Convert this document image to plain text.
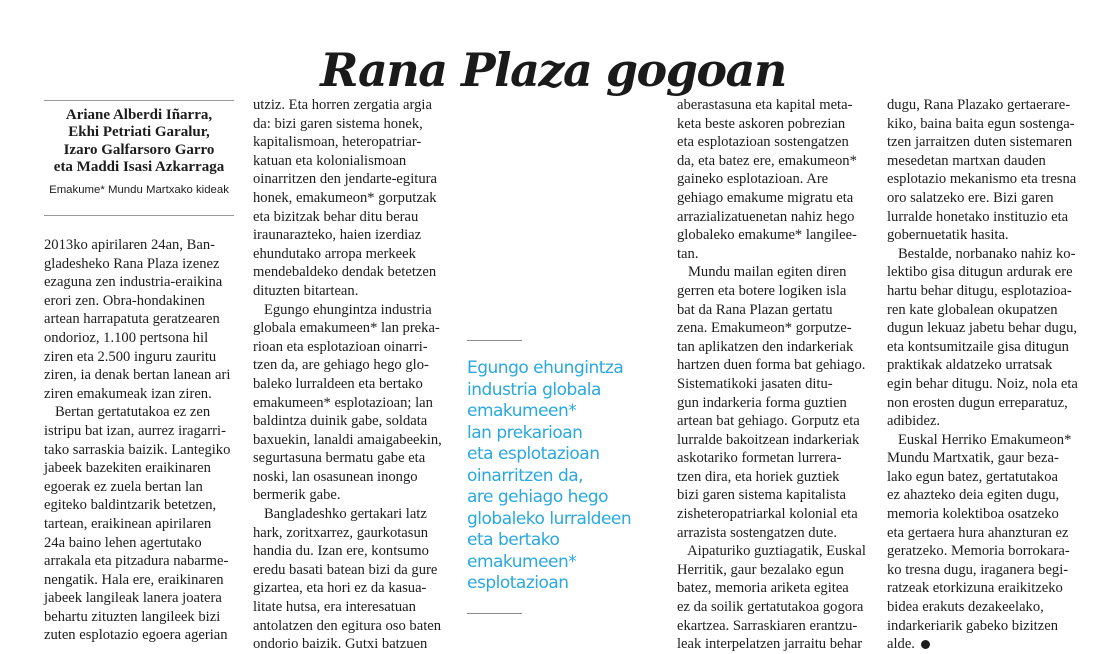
Rana Plaza gogoan
Ariane Alberdi Iñarra,
Ekhi Petriati Garalur,
Izaro Galfarsoro Garro
eta Maddi Isasi Azkarraga
Emakume* Mundu Martxako kideak
2013ko apirilaren 24an, Ban-
gladesheko Rana Plaza izenez
ezaguna zen industria-eraikina
erori zen. Obra-hondakinen
artean harrapatuta geratzearen
ondorioz, 1.100 pertsona hil
ziren eta 2.500 inguru zauritu
ziren, ia denak bertan lanean ari
ziren emakumeak izan ziren.
Bertan gertatutakoa ez zen
istripu bat izan, aurrez iragarri-
tako sarraskia baizik. Lantegiko
jabeek bazekiten eraikinaren
egoerak ez zuela bertan lan
egiteko baldintzarik betetzen,
tartean, eraikinean apirilaren
24a baino lehen agertutako
arrakala eta pitzadura nabarme-
nengatik. Hala ere, eraikinaren
jabeek langileak lanera joatera
behartu zituzten langileek bizi
zuten esplotazio egoera agerian
utziz. Eta horren zergatia argia
da: bizi garen sistema honek,
kapitalismoan, heteropatriar-
katuan eta kolonialismoan
oinarritzen den jendarte-egitura
honek, emakumeon* gorputzak
eta bizitzak behar ditu berau
iraunarazteko, haien izerdiaz
ehundutako arropa merkeek
mendebaldeko dendak betetzen
dituzten bitartean.
Egungo ehungintza industria
globala emakumeen* lan preka-
rioan eta esplotazioan oinarri-
tzen da, are gehiago hego glo-
baleko lurraldeen eta bertako
emakumeen* esplotazioan; lan
baldintza duinik gabe, soldata
baxuekin, lanaldi amaigabeekin,
segurtasuna bermatu gabe eta
noski, lan osasunean inongo
bermerik gabe.
Bangladeshko gertakari latz
hark, zoritxarrez, gaurkotasun
handia du. Izan ere, kontsumo
eredu basati batean bizi da gure
gizartea, eta hori ez da kasua-
litate hutsa, era interesatuan
antolatzen den egitura oso baten
ondorio baizik. Gutxi batzuen
aberastasuna eta kapital meta-
keta beste askoren pobrezian
eta esplotazioan sostengatzen
da, eta batez ere, emakumeon*
gaineko esplotazioan. Are
gehiago emakume migratu eta
arrazializatuenetan nahiz hego
globaleko emakume* langilee-
tan.
Mundu mailan egiten diren
gerren eta botere logiken isla
bat da Rana Plazan gertatu
zena. Emakumeon* gorputze-
tan aplikatzen den indarkeriak
hartzen duen forma bat gehiago.
Sistematikoki jasaten ditu-
gun indarkeria forma guztien
artean bat gehiago. Gorputz eta
lurralde bakoitzean indarkeriak
askotariko formetan lurrera-
tzen dira, eta horiek guztiek
bizi garen sistema kapitalista
zisheteropatriarkal kolonial eta
arrazista sostengatzen dute.
Aipaturiko guztiagatik, Euskal
Herritik, gaur bezalako egun
batez, memoria ariketa egitea
ez da soilik gertatutakoa gogora
ekartzea. Sarraskiaren erantzu-
leak interpelatzen jarraitu behar
dugu, Rana Plazako gertaerare-
kiko, baina baita egun sostenga-
tzen jarraitzen duten sistemaren
mesedetan martxan dauden
esplotazio mekanismo eta tresna
oro salatzeko ere. Bizi garen
lurralde honetako instituzio eta
gobernuetatik hasita.
Bestalde, norbanako nahiz ko-
lektibo gisa ditugun ardurak ere
hartu behar ditugu, esplotazioa-
ren kate globalean okupatzen
dugun lekuaz jabetu behar dugu,
eta kontsumitzaile gisa ditugun
praktikak aldatzeko urratsak
egin behar ditugu. Noiz, nola eta
non erosten dugun erreparatuz,
adibidez.
Euskal Herriko Emakumeon*
Mundu Martxatik, gaur beza-
lako egun batez, gertatutakoa
ez ahazteko deia egiten dugu,
memoria kolektiboa osatzeko
eta gertaera hura ahanzturan ez
geratzeko. Memoria borrokara-
ko tresna dugu, iraganera begi-
ratzeak etorkizuna eraikitzeko
bidea erakuts dezakeelako,
indarkeriarik gabeko bizitzen
alde.
Egungo ehungintza
industria globala
emakumeen*
lan prekarioan
eta esplotazioan
oinarritzen da,
are gehiago hego
globaleko lurraldeen
eta bertako
emakumeen*
esplotazioan
